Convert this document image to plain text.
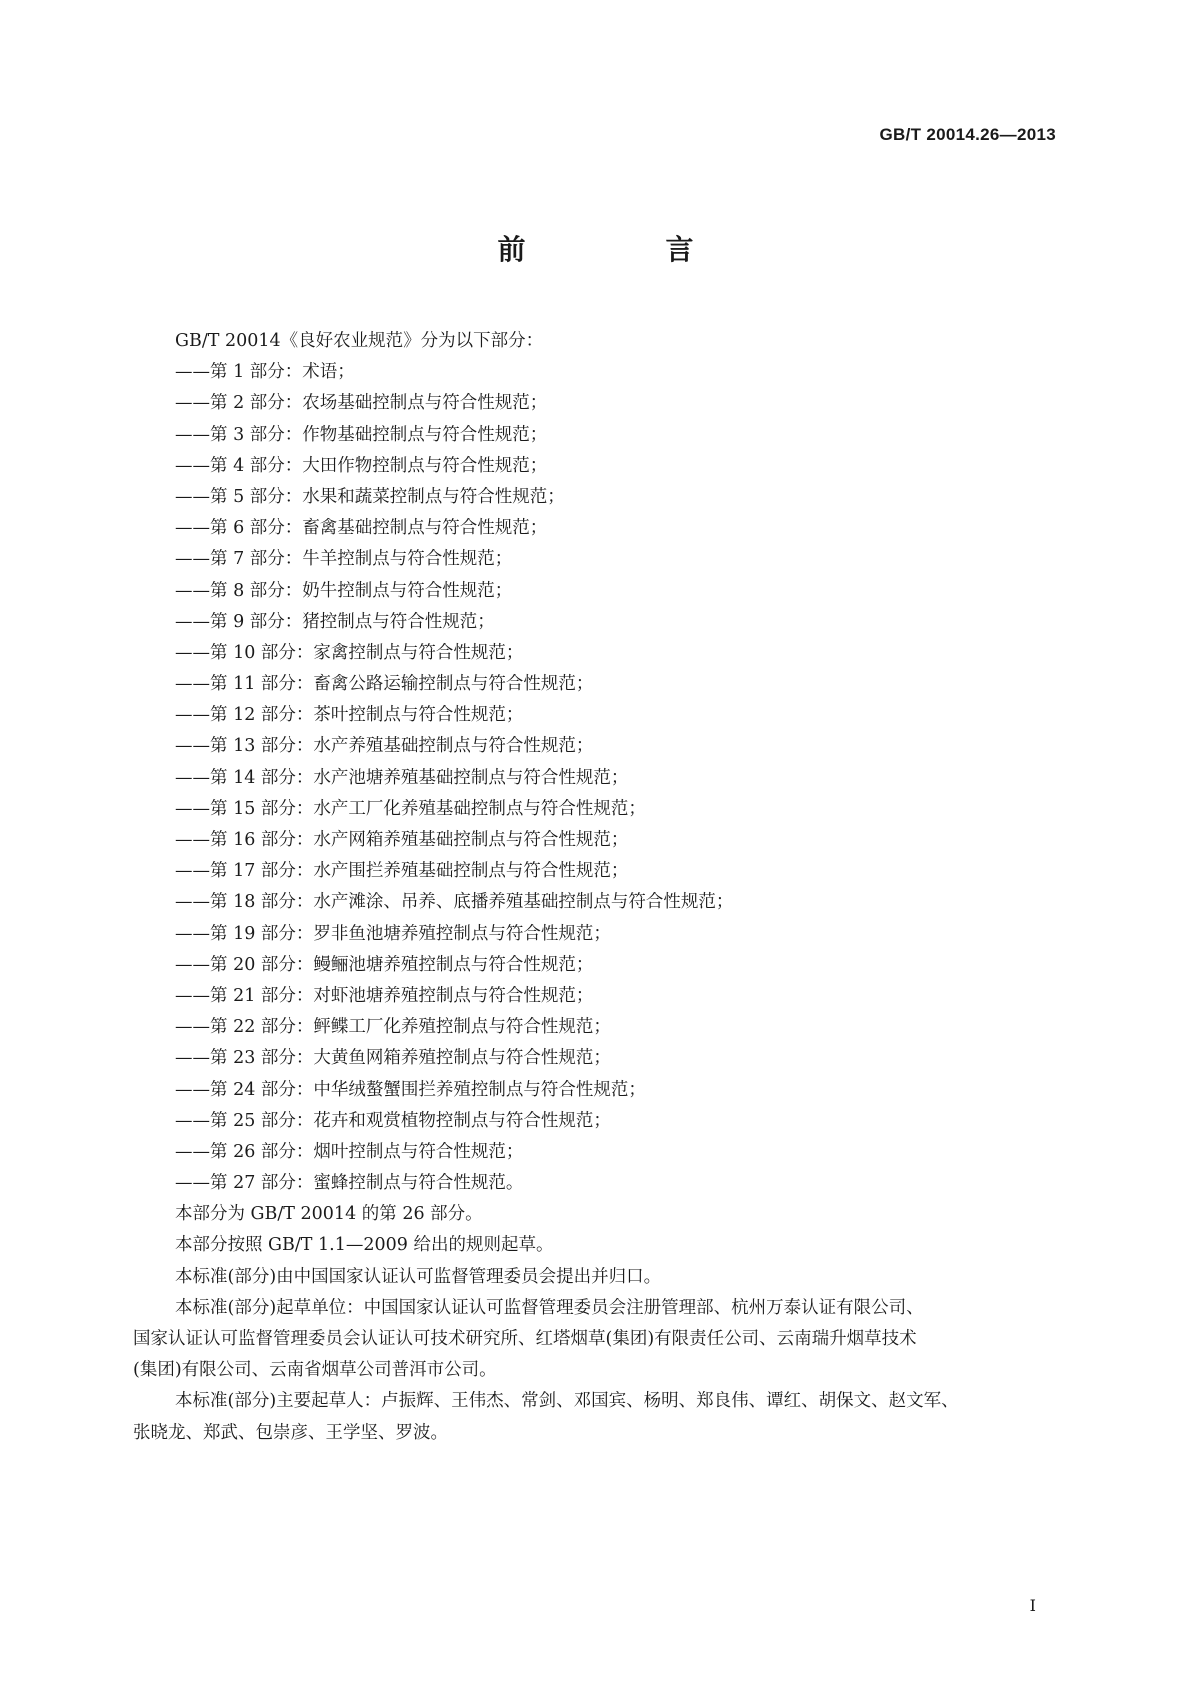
GB/T 20014.26—2013
前　言
GB/T 20014《良好农业规范》分为以下部分：
——第 1 部分：术语；
——第 2 部分：农场基础控制点与符合性规范；
——第 3 部分：作物基础控制点与符合性规范；
——第 4 部分：大田作物控制点与符合性规范；
——第 5 部分：水果和蔬菜控制点与符合性规范；
——第 6 部分：畜禽基础控制点与符合性规范；
——第 7 部分：牛羊控制点与符合性规范；
——第 8 部分：奶牛控制点与符合性规范；
——第 9 部分：猪控制点与符合性规范；
——第 10 部分：家禽控制点与符合性规范；
——第 11 部分：畜禽公路运输控制点与符合性规范；
——第 12 部分：茶叶控制点与符合性规范；
——第 13 部分：水产养殖基础控制点与符合性规范；
——第 14 部分：水产池塘养殖基础控制点与符合性规范；
——第 15 部分：水产工厂化养殖基础控制点与符合性规范；
——第 16 部分：水产网箱养殖基础控制点与符合性规范；
——第 17 部分：水产围拦养殖基础控制点与符合性规范；
——第 18 部分：水产滩涂、吊养、底播养殖基础控制点与符合性规范；
——第 19 部分：罗非鱼池塘养殖控制点与符合性规范；
——第 20 部分：鳗鲡池塘养殖控制点与符合性规范；
——第 21 部分：对虾池塘养殖控制点与符合性规范；
——第 22 部分：鲆鲽工厂化养殖控制点与符合性规范；
——第 23 部分：大黄鱼网箱养殖控制点与符合性规范；
——第 24 部分：中华绒螯蟹围拦养殖控制点与符合性规范；
——第 25 部分：花卉和观赏植物控制点与符合性规范；
——第 26 部分：烟叶控制点与符合性规范；
——第 27 部分：蜜蜂控制点与符合性规范。
本部分为 GB/T 20014 的第 26 部分。
本部分按照 GB/T 1.1—2009 给出的规则起草。
本标准(部分)由中国国家认证认可监督管理委员会提出并归口。
本标准(部分)起草单位：中国国家认证认可监督管理委员会注册管理部、杭州万泰认证有限公司、
国家认证认可监督管理委员会认证认可技术研究所、红塔烟草(集团)有限责任公司、云南瑞升烟草技术
(集团)有限公司、云南省烟草公司普洱市公司。
本标准(部分)主要起草人：卢振辉、王伟杰、常剑、邓国宾、杨明、郑良伟、谭红、胡保文、赵文军、
张晓龙、郑武、包崇彦、王学坚、罗波。
I
